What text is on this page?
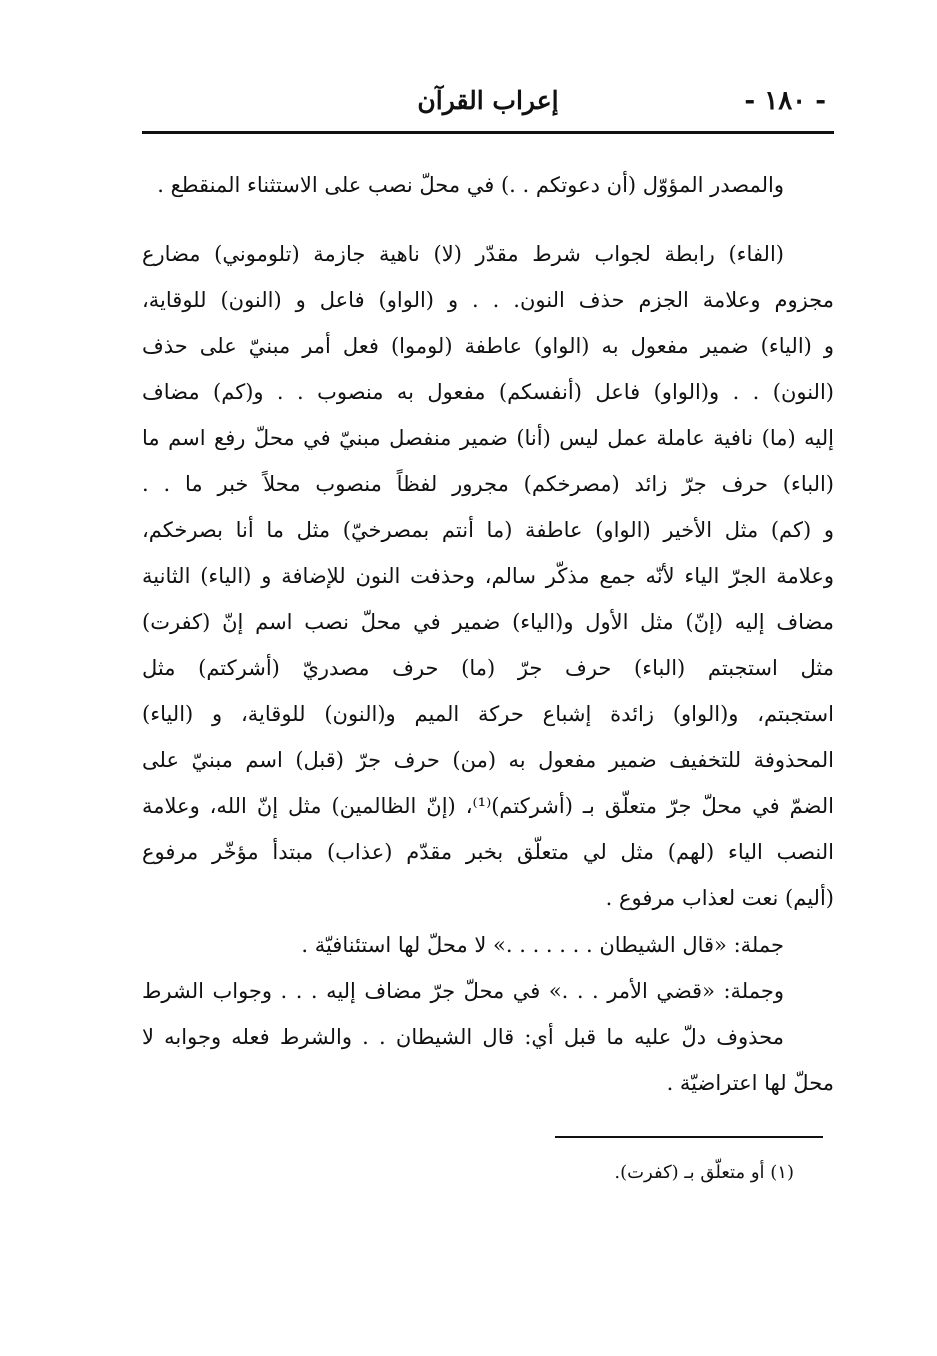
- ١٨٠ -
إعراب القرآن
والمصدر المؤوّل (أن دعوتكم . .) في محلّ نصب على الاستثناء المنقطع .
(الفاء) رابطة لجواب شرط مقدّر (لا) ناهية جازمة (تلوموني) مضارع
مجزوم وعلامة الجزم حذف النون. . . و (الواو) فاعل و (النون) للوقاية،
و (الياء) ضمير مفعول به (الواو) عاطفة (لوموا) فعل أمر مبنيّ على حذف
(النون) . . و(الواو) فاعل (أنفسكم) مفعول به منصوب . . و(كم) مضاف
إليه (ما) نافية عاملة عمل ليس (أنا) ضمير منفصل مبنيّ في محلّ رفع اسم ما
(الباء) حرف جرّ زائد (مصرخكم) مجرور لفظاً منصوب محلاً خبر ما . .
و (كم) مثل الأخير (الواو) عاطفة (ما أنتم بمصرخيّ) مثل ما أنا بصرخكم،
وعلامة الجرّ الياء لأنّه جمع مذكّر سالم، وحذفت النون للإضافة و (الياء) الثانية
مضاف إليه (إنّ) مثل الأول و(الياء) ضمير في محلّ نصب اسم إنّ (كفرت)
مثل استجبتم (الباء) حرف جرّ (ما) حرف مصدريّ (أشركتم) مثل
استجبتم، و(الواو) زائدة إشباع حركة الميم و(النون) للوقاية، و (الياء)
المحذوفة للتخفيف ضمير مفعول به (من) حرف جرّ (قبل) اسم مبنيّ على
الضمّ في محلّ جرّ متعلّق بـ (أشركتم)⁽¹⁾، (إنّ الظالمين) مثل إنّ الله، وعلامة
النصب الياء (لهم) مثل لي متعلّق بخبر مقدّم (عذاب) مبتدأ مؤخّر مرفوع
(أليم) نعت لعذاب مرفوع .
جملة: «قال الشيطان . . . . . . .» لا محلّ لها استئنافيّة .
وجملة: «قضي الأمر . . .» في محلّ جرّ مضاف إليه . . . وجواب الشرط
محذوف دلّ عليه ما قبل أي: قال الشيطان . . والشرط فعله وجوابه لا
محلّ لها اعتراضيّة .
(١) أو متعلّق بـ (كفرت).
